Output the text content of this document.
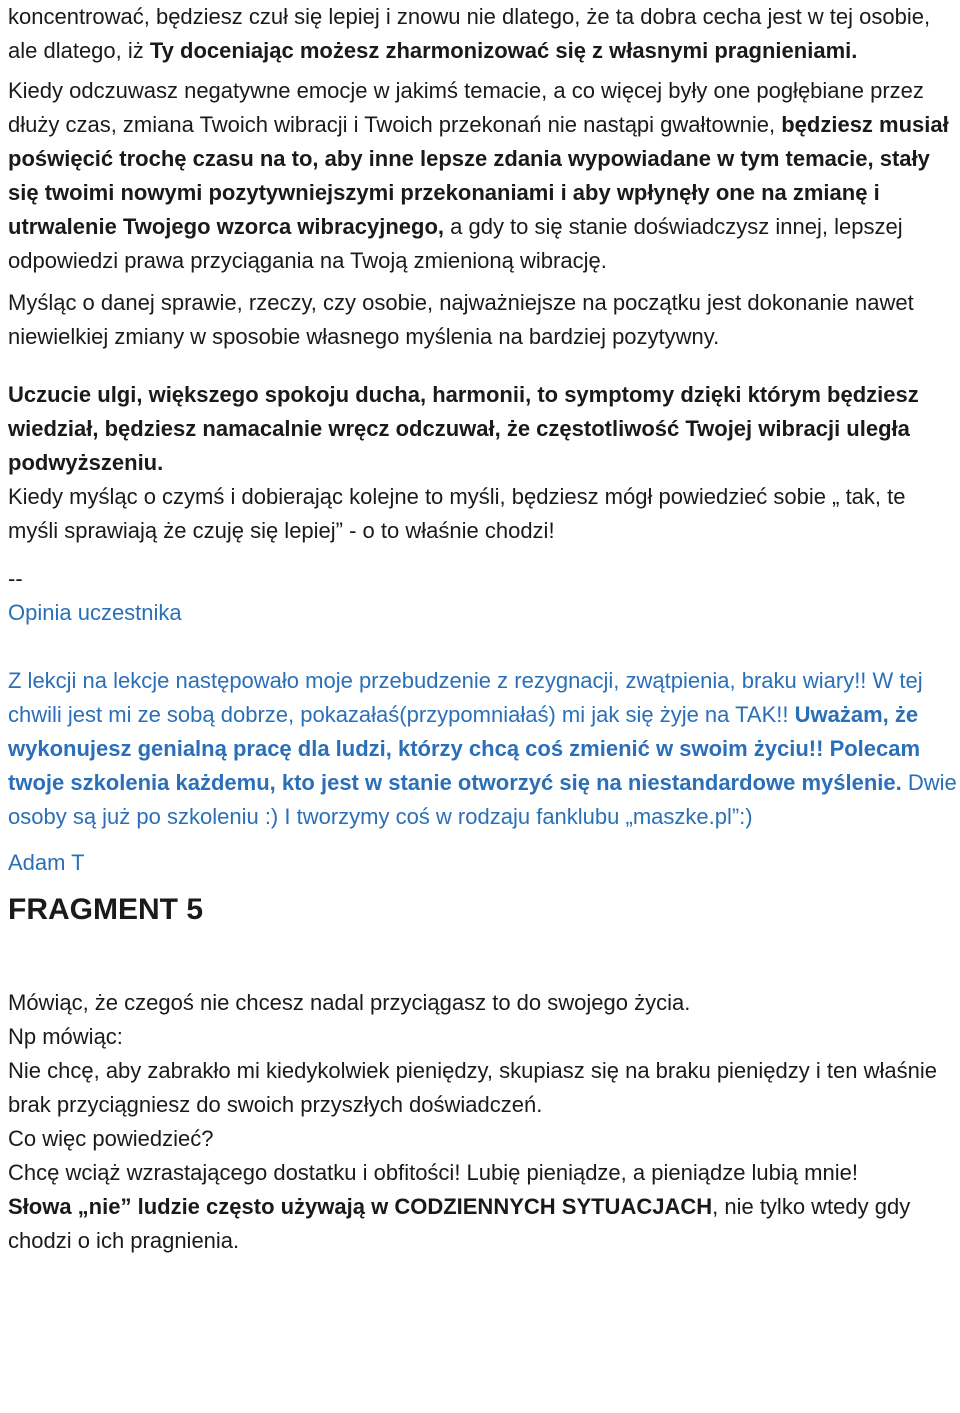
koncentrować, będziesz czuł się lepiej i znowu nie dlatego, że ta dobra cecha jest w tej osobie, ale dlatego, iż Ty doceniając możesz zharmonizować się z własnymi pragnieniami.

Kiedy odczuwasz negatywne emocje w jakimś temacie, a co więcej były one pogłębiane przez dłuży czas, zmiana Twoich wibracji i Twoich przekonań nie nastąpi gwałtownie, będziesz musiał poświęcić trochę czasu na to, aby inne lepsze zdania wypowiadane w tym temacie, stały się twoimi nowymi pozytywniejszymi przekonaniami i aby wpłynęły one na zmianę i utrwalenie Twojego wzorca wibracyjnego, a gdy to się stanie doświadczysz innej, lepszej odpowiedzi prawa przyciągania na Twoją zmienioną wibrację.

Myśląc o danej sprawie, rzeczy, czy osobie, najważniejsze na początku jest dokonanie nawet niewielkiej zmiany w sposobie własnego myślenia na bardziej pozytywny.

Uczucie ulgi, większego spokoju ducha, harmonii, to symptomy dzięki którym będziesz wiedział, będziesz namacalnie wręcz odczuwał, że częstotliwość Twojej wibracji uległa podwyższeniu.

Kiedy myśląc o czymś i dobierając kolejne to myśli, będziesz mógł powiedzieć sobie „ tak, te myśli sprawiają że czuję się lepiej” - o to właśnie chodzi!

--

Opinia uczestnika

Z lekcji na lekcje następowało moje przebudzenie z rezygnacji, zwątpienia, braku wiary!! W tej chwili jest mi ze sobą dobrze, pokazałaś(przypomniałaś) mi jak się żyje na TAK!! Uważam, że wykonujesz genialną pracę dla ludzi, którzy chcą coś zmienić w swoim życiu!! Polecam twoje szkolenia każdemu, kto jest w stanie otworzyć się na niestandardowe myślenie. Dwie osoby są już po szkoleniu :) I tworzymy coś w rodzaju fanklubu „maszke.pl”:)

Adam T

FRAGMENT 5

Mówiąc, że czegoś nie chcesz nadal przyciągasz to do swojego życia.

Np mówiąc:

Nie chcę, aby zabrakło mi kiedykolwiek pieniędzy, skupiasz się na braku pieniędzy i ten właśnie brak przyciągniesz do swoich przyszłych doświadczeń.

Co więc powiedzieć?

Chcę wciąż wzrastającego dostatku i obfitości! Lubię pieniądze, a pieniądze lubią mnie!

Słowa „nie” ludzie często używają w CODZIENNYCH SYTUACJACH, nie tylko wtedy gdy chodzi o ich pragnienia.
